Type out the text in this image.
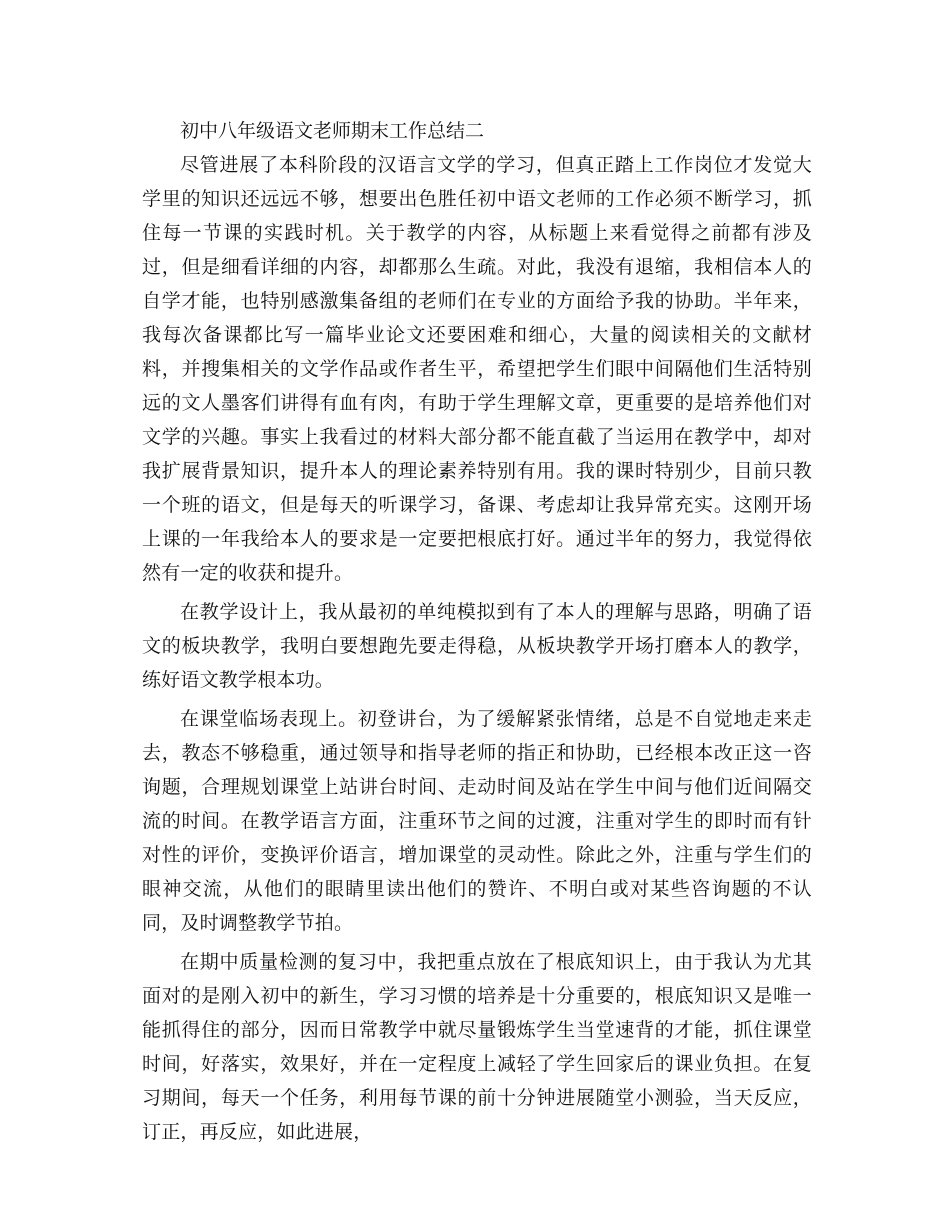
初中八年级语文老师期末工作总结二

尽管进展了本科阶段的汉语言文学的学习，但真正踏上工作岗位才发觉大学里的知识还远远不够，想要出色胜任初中语文老师的工作必须不断学习，抓住每一节课的实践时机。关于教学的内容，从标题上来看觉得之前都有涉及过，但是细看详细的内容，却都那么生疏。对此，我没有退缩，我相信本人的自学才能，也特别感激集备组的老师们在专业的方面给予我的协助。半年来，我每次备课都比写一篇毕业论文还要困难和细心，大量的阅读相关的文献材料，并搜集相关的文学作品或作者生平，希望把学生们眼中间隔他们生活特别远的文人墨客们讲得有血有肉，有助于学生理解文章，更重要的是培养他们对文学的兴趣。事实上我看过的材料大部分都不能直截了当运用在教学中，却对我扩展背景知识，提升本人的理论素养特别有用。我的课时特别少，目前只教一个班的语文，但是每天的听课学习，备课、考虑却让我异常充实。这刚开场上课的一年我给本人的要求是一定要把根底打好。通过半年的努力，我觉得依然有一定的收获和提升。

在教学设计上，我从最初的单纯模拟到有了本人的理解与思路，明确了语文的板块教学，我明白要想跑先要走得稳，从板块教学开场打磨本人的教学，练好语文教学根本功。

在课堂临场表现上。初登讲台，为了缓解紧张情绪，总是不自觉地走来走去，教态不够稳重，通过领导和指导老师的指正和协助，已经根本改正这一咨询题，合理规划课堂上站讲台时间、走动时间及站在学生中间与他们近间隔交流的时间。在教学语言方面，注重环节之间的过渡，注重对学生的即时而有针对性的评价，变换评价语言，增加课堂的灵动性。除此之外，注重与学生们的眼神交流，从他们的眼睛里读出他们的赞许、不明白或对某些咨询题的不认同，及时调整教学节拍。

在期中质量检测的复习中，我把重点放在了根底知识上，由于我认为尤其面对的是刚入初中的新生，学习习惯的培养是十分重要的，根底知识又是唯一能抓得住的部分，因而日常教学中就尽量锻炼学生当堂速背的才能，抓住课堂时间，好落实，效果好，并在一定程度上减轻了学生回家后的课业负担。在复习期间，每天一个任务，利用每节课的前十分钟进展随堂小测验，当天反应，订正，再反应，如此进展，
